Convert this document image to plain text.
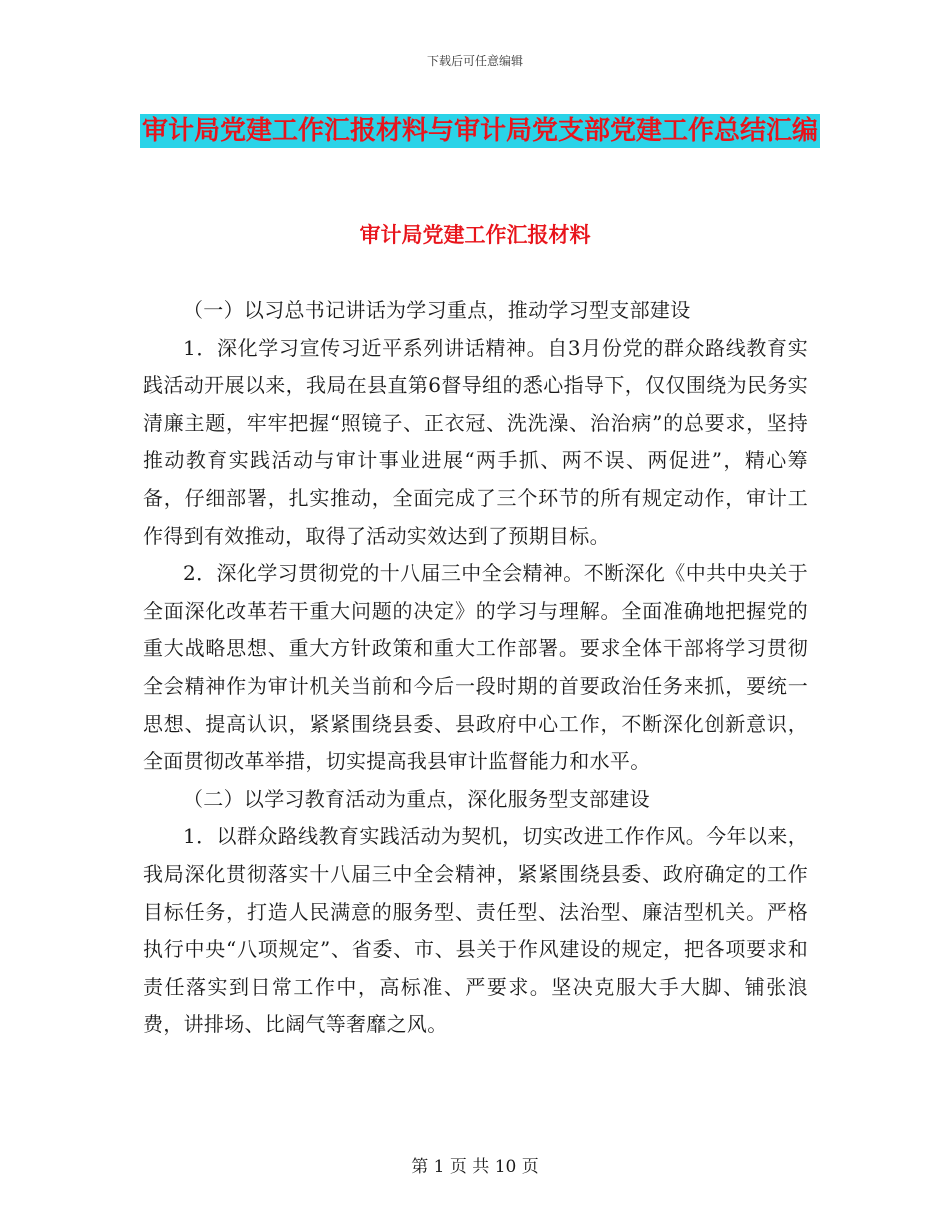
下载后可任意编辑
审计局党建工作汇报材料与审计局党支部党建工作总结汇编
审计局党建工作汇报材料

（一）以习总书记讲话为学习重点，推动学习型支部建设

1．深化学习宣传习近平系列讲话精神。自3月份党的群众路线教育实践活动开展以来，我局在县直第6督导组的悉心指导下，仅仅围绕为民务实清廉主题，牢牢把握“照镜子、正衣冠、洗洗澡、治治病”的总要求，坚持推动教育实践活动与审计事业进展“两手抓、两不误、两促进”，精心筹备，仔细部署，扎实推动，全面完成了三个环节的所有规定动作，审计工作得到有效推动，取得了活动实效达到了预期目标。

2．深化学习贯彻党的十八届三中全会精神。不断深化《中共中央关于全面深化改革若干重大问题的决定》的学习与理解。全面准确地把握党的重大战略思想、重大方针政策和重大工作部署。要求全体干部将学习贯彻全会精神作为审计机关当前和今后一段时期的首要政治任务来抓，要统一思想、提高认识，紧紧围绕县委、县政府中心工作，不断深化创新意识，全面贯彻改革举措，切实提高我县审计监督能力和水平。

（二）以学习教育活动为重点，深化服务型支部建设

1．以群众路线教育实践活动为契机，切实改进工作作风。今年以来，我局深化贯彻落实十八届三中全会精神，紧紧围绕县委、政府确定的工作目标任务，打造人民满意的服务型、责任型、法治型、廉洁型机关。严格执行中央“八项规定”、省委、市、县关于作风建设的规定，把各项要求和责任落实到日常工作中，高标准、严要求。坚决克服大手大脚、铺张浪费，讲排场、比阔气等奢靡之风。

第 1 页 共 10 页
